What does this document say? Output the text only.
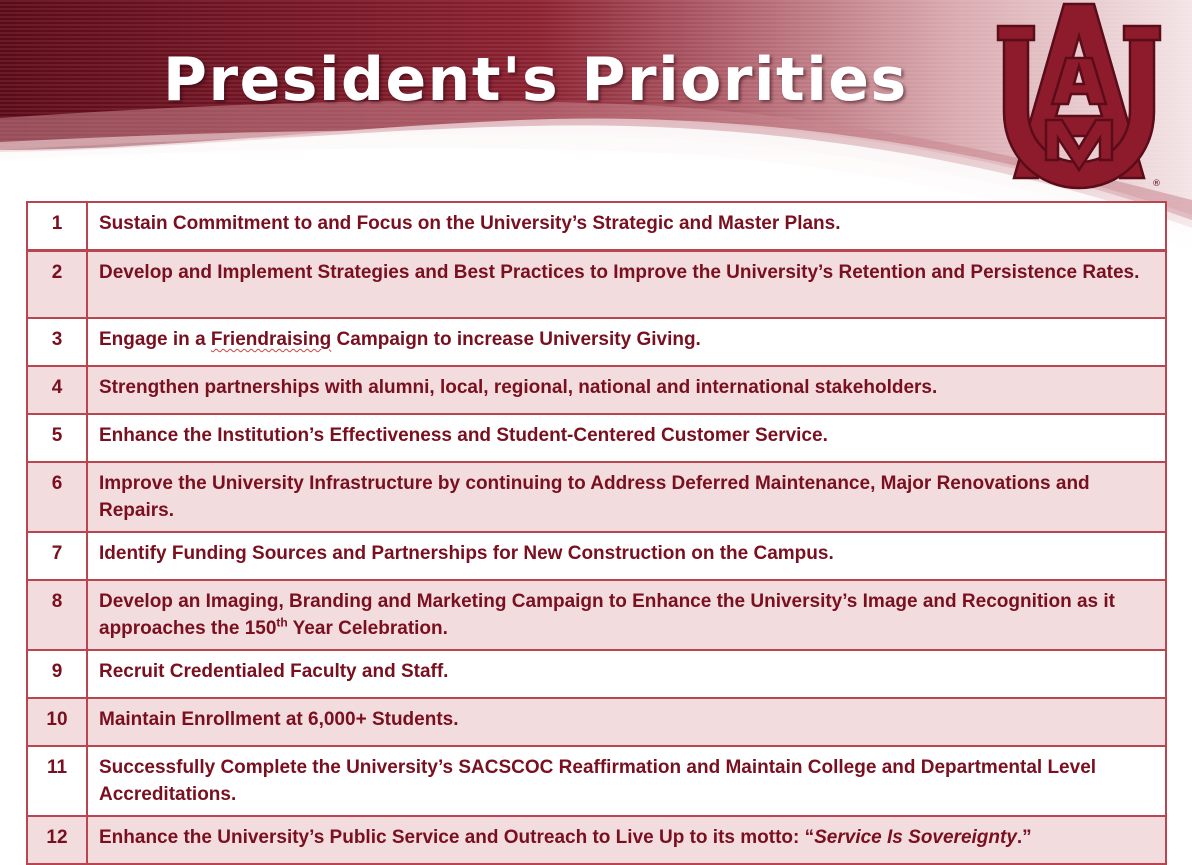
President's Priorities
®
1	Sustain Commitment to and Focus on the University’s Strategic and Master Plans.
2	Develop and Implement Strategies and Best Practices to Improve the University’s Retention and Persistence Rates.
3	Engage in a Friendraising Campaign to increase University Giving.
4	Strengthen partnerships with alumni, local, regional, national and international stakeholders.
5	Enhance the Institution’s Effectiveness and Student-Centered Customer Service.
6	Improve the University Infrastructure by continuing to Address Deferred Maintenance, Major Renovations and Repairs.
7	Identify Funding Sources and Partnerships for New Construction on the Campus.
8	Develop an Imaging, Branding and Marketing Campaign to Enhance the University’s Image and Recognition as it approaches the 150th Year Celebration.
9	Recruit Credentialed Faculty and Staff.
10	Maintain Enrollment at 6,000+ Students.
11	Successfully Complete the University’s SACSCOC Reaffirmation and Maintain College and Departmental Level Accreditations.
12	Enhance the University’s Public Service and Outreach to Live Up to its motto: “Service Is Sovereignty.”
